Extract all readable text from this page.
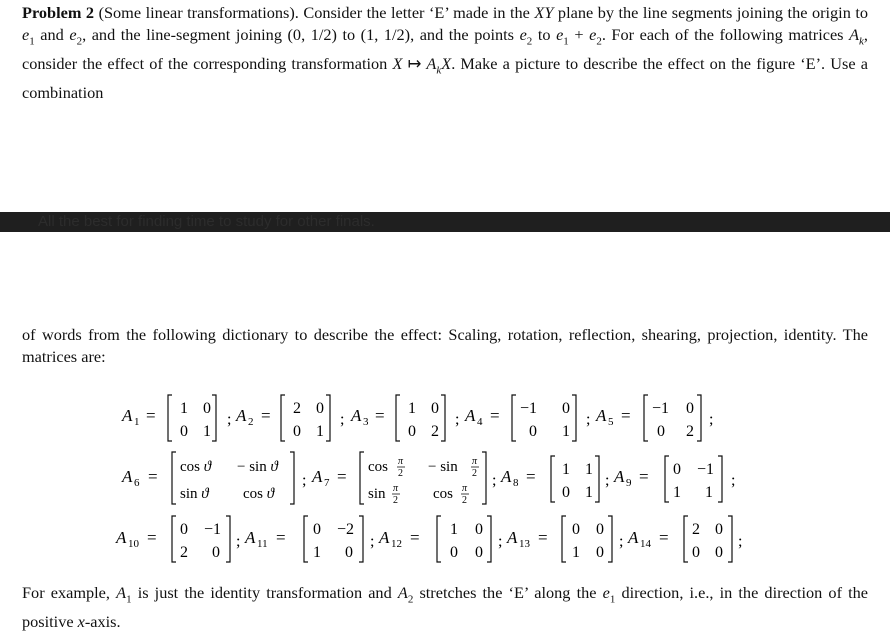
Problem 2 (Some linear transformations). Consider the letter ‘E’ made in the XY plane by the line segments joining the origin to $e_1$ and $e_2$, and the line-segment joining (0, 1/2) to (1, 1/2), and the points $e_2$ to $e_1 + e_2$. For each of the following matrices $A_k$, consider the effect of the corresponding transformation X ↦ $A_kX$. Make a picture to describe the effect on the figure ‘E’. Use a combination
All the best for finding time to study for other finals.
of words from the following dictionary to describe the effect: Scaling, rotation, reflection, shearing, projection, identity. The matrices are:
A 1 = 1 0
0 1
; A 2 = 2 0
0 1
; A 3 = 1 0
0 2
; A 4 = −1 0
0 1
; A 5 = −1 0
0 2
;
A 6 = cos ϑ − sin ϑ
sin ϑ cos ϑ
; A 7 = cos π
2 − sin π
2
sin π
2 cos π
2
; A 8 = 1 1
0 1
; A 9 = 0 −1
1 1
;
A 10 = 0 −1
2 0
; A 11 = 0 −2
1 0
; A 12 = 1 0
0 0
; A 13 = 0 0
1 0
; A 14 = 2 0
0 0
;
For example, $A_1$ is just the identity transformation and $A_2$ stretches the ‘E’ along the $e_1$ direction, i.e., in the direction of the positive x-axis.
